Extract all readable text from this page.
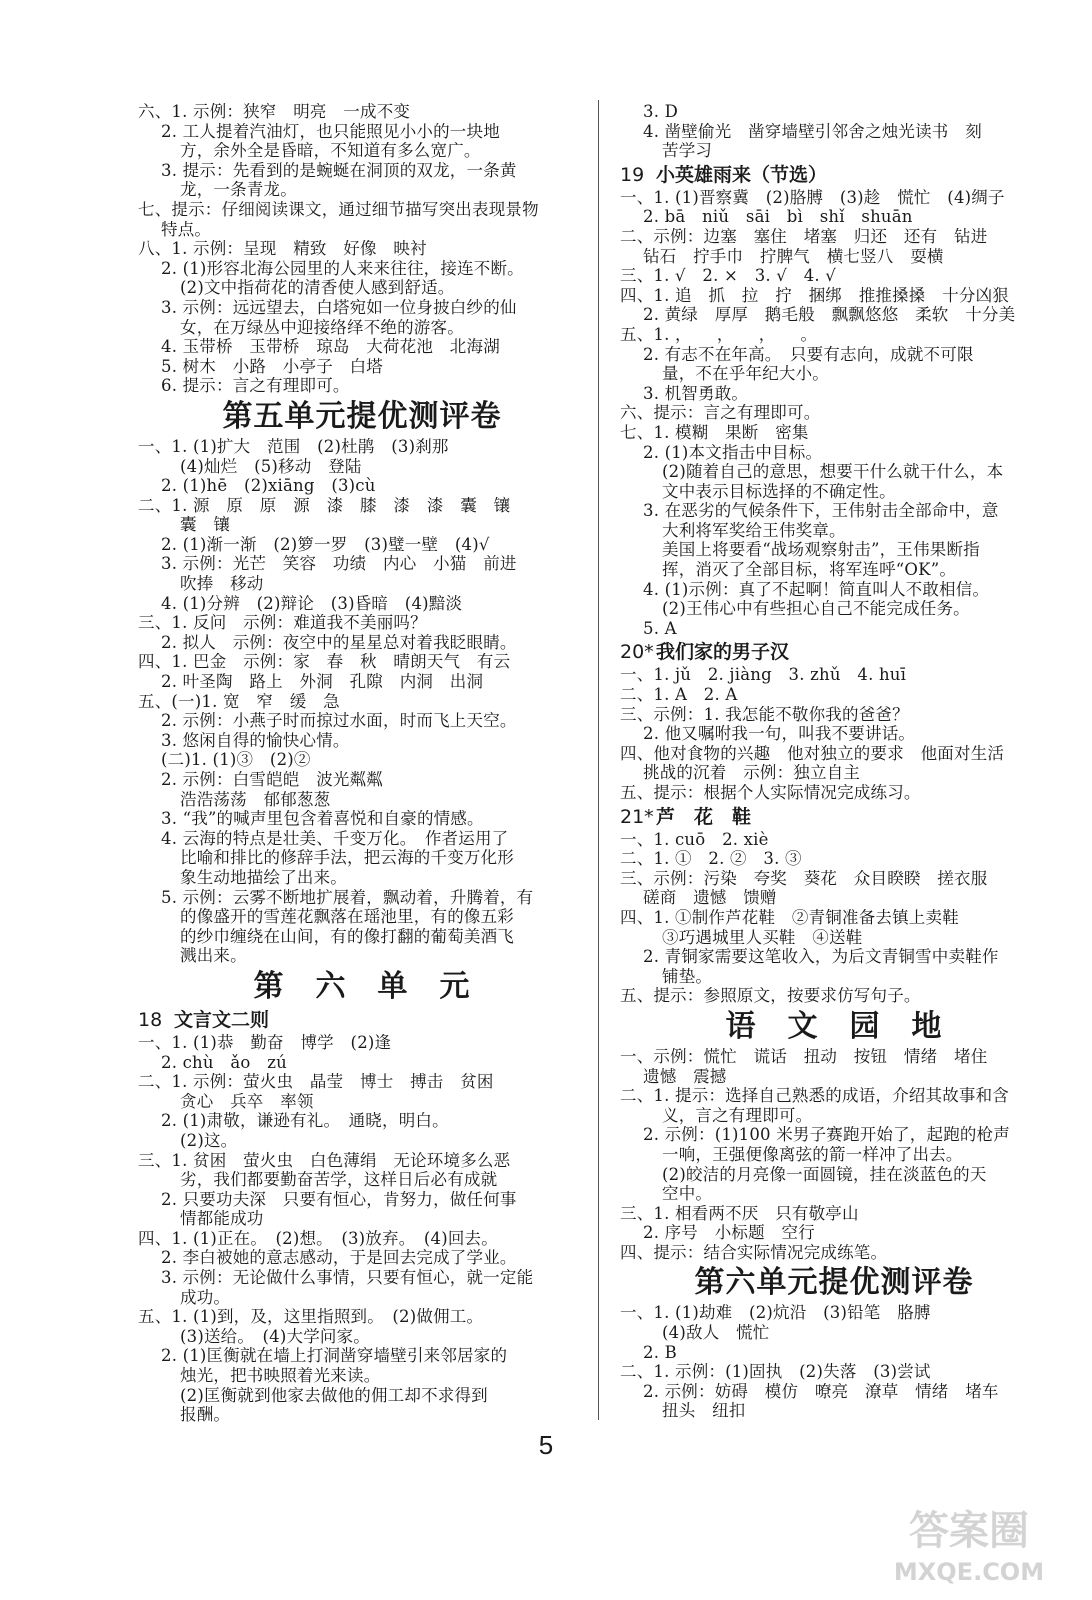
六、1. 示例：狭窄　明亮　一成不变
2. 工人提着汽油灯，也只能照见小小的一块地
方，余外全是昏暗，不知道有多么宽广。
3. 提示：先看到的是蜿蜒在洞顶的双龙，一条黄
龙，一条青龙。
七、提示：仔细阅读课文，通过细节描写突出表现景物
特点。
八、1. 示例：呈现　精致　好像　映衬
2. (1)形容北海公园里的人来来往往，接连不断。
(2)文中指荷花的清香使人感到舒适。
3. 示例：远远望去，白塔宛如一位身披白纱的仙
女，在万绿丛中迎接络绎不绝的游客。
4. 玉带桥　玉带桥　琼岛　大荷花池　北海湖
5. 树木　小路　小亭子　白塔
6. 提示：言之有理即可。
第五单元提优测评卷
一、1. (1)扩大　范围　(2)杜鹃　(3)刹那
(4)灿烂　(5)移动　登陆
2. (1)hē　(2)xiāng　(3)cù
二、1. 源　原　原　源　漆　膝　漆　漆　囊　镶
囊　镶
2. (1)渐一渐　(2)箩一罗　(3)璧一壁　(4)√
3. 示例：光芒　笑容　功绩　内心　小猫　前进
吹捧　移动
4. (1)分辨　(2)辩论　(3)昏暗　(4)黯淡
三、1. 反问　示例：难道我不美丽吗？
2. 拟人　示例：夜空中的星星总对着我眨眼睛。
四、1. 巴金　示例：家　春　秋　晴朗天气　有云
2. 叶圣陶　路上　外洞　孔隙　内洞　出洞
五、(一)1. 宽　窄　缓　急
2. 示例：小燕子时而掠过水面，时而飞上天空。
3. 悠闲自得的愉快心情。
(二)1. (1)③　(2)②
2. 示例：白雪皑皑　波光粼粼
浩浩荡荡　郁郁葱葱
3. “我”的喊声里包含着喜悦和自豪的情感。
4. 云海的特点是壮美、千变万化。　作者运用了
比喻和排比的修辞手法，把云海的千变万化形
象生动地描绘了出来。
5. 示例：云雾不断地扩展着，飘动着，升腾着，有
的像盛开的雪莲花飘落在瑶池里，有的像五彩
的纱巾缠绕在山间，有的像打翻的葡萄美酒飞
溅出来。
第　六　单　元
18 文言文二则
一、1. (1)恭　勤奋　博学　(2)逢
2. chù　ǎo　zú
二、1. 示例：萤火虫　晶莹　博士　搏击　贫困
贪心　兵卒　率领
2. (1)肃敬，谦逊有礼。　通晓，明白。
(2)这。
三、1. 贫困　萤火虫　白色薄绢　无论环境多么恶
劣，我们都要勤奋苦学，这样日后必有成就
2. 只要功夫深　只要有恒心，肯努力，做任何事
情都能成功
四、1. (1)正在。　(2)想。　(3)放弃。　(4)回去。
2. 李白被她的意志感动，于是回去完成了学业。
3. 示例：无论做什么事情，只要有恒心，就一定能
成功。
五、1. (1)到，及，这里指照到。　(2)做佣工。
(3)送给。　(4)大学问家。
2. (1)匡衡就在墙上打洞凿穿墙壁引来邻居家的
烛光，把书映照着光来读。
(2)匡衡就到他家去做他的佣工却不求得到
报酬。
3. D
4. 凿壁偷光　凿穿墙壁引邻舍之烛光读书　刻
苦学习
19 小英雄雨来（节选）
一、1. (1)晋察冀　(2)胳膊　(3)趁　慌忙　(4)绸子
2. bā　niǔ　sāi　bì　shǐ　shuān
二、示例：边塞　塞住　堵塞　归还　还有　钻进
钻石　拧手巾　拧脾气　横七竖八　耍横
三、1. √　2. ×　3. √　4. √
四、1. 追　抓　拉　拧　捆绑　推推搡搡　十分凶狠
2. 黄绿　厚厚　鹅毛般　飘飘悠悠　柔软　十分美
五、1. ，　　，　　，　　。
2. 有志不在年高。　只要有志向，成就不可限
量，不在乎年纪大小。
3. 机智勇敢。
六、提示：言之有理即可。
七、1. 模糊　果断　密集
2. (1)本文指击中目标。
(2)随着自己的意思，想要干什么就干什么，本
文中表示目标选择的不确定性。
3. 在恶劣的气候条件下，王伟射击全部命中，意
大利将军奖给王伟奖章。
美国上将要看“战场观察射击”，王伟果断指
挥，消灭了全部目标，将军连呼“OK”。
4. (1)示例：真了不起啊！简直叫人不敢相信。
(2)王伟心中有些担心自己不能完成任务。
5. A
20* 我们家的男子汉
一、1. jǔ　2. jiàng　3. zhǔ　4. huī
二、1. A　2. A
三、示例：1. 我怎能不敬你我的爸爸？
2. 他又嘱咐我一句，叫我不要讲话。
四、他对食物的兴趣　他对独立的要求　他面对生活
挑战的沉着　示例：独立自主
五、提示：根据个人实际情况完成练习。
21* 芦　花　鞋
一、1. cuō　2. xiè
二、1. ①　2. ②　3. ③
三、示例：污染　夸奖　葵花　众目睽睽　搓衣服
磋商　遗憾　馈赠
四、1. ①制作芦花鞋　②青铜准备去镇上卖鞋
③巧遇城里人买鞋　④送鞋
2. 青铜家需要这笔收入，为后文青铜雪中卖鞋作
铺垫。
五、提示：参照原文，按要求仿写句子。
语　文　园　地
一、示例：慌忙　谎话　扭动　按钮　情绪　堵住
遗憾　震撼
二、1. 提示：选择自己熟悉的成语，介绍其故事和含
义，言之有理即可。
2. 示例：(1)100 米男子赛跑开始了，起跑的枪声
一响，王强便像离弦的箭一样冲了出去。
(2)皎洁的月亮像一面圆镜，挂在淡蓝色的天
空中。
三、1. 相看两不厌　只有敬亭山
2. 序号　小标题　空行
四、提示：结合实际情况完成练笔。
第六单元提优测评卷
一、1. (1)劫难　(2)炕沿　(3)铅笔　胳膊
(4)敌人　慌忙
2. B
二、1. 示例：(1)固执　(2)失落　(3)尝试
2. 示例：妨碍　模仿　嘹亮　潦草　情绪　堵车
扭头　纽扣
5
答案圈
MXQE.COM
